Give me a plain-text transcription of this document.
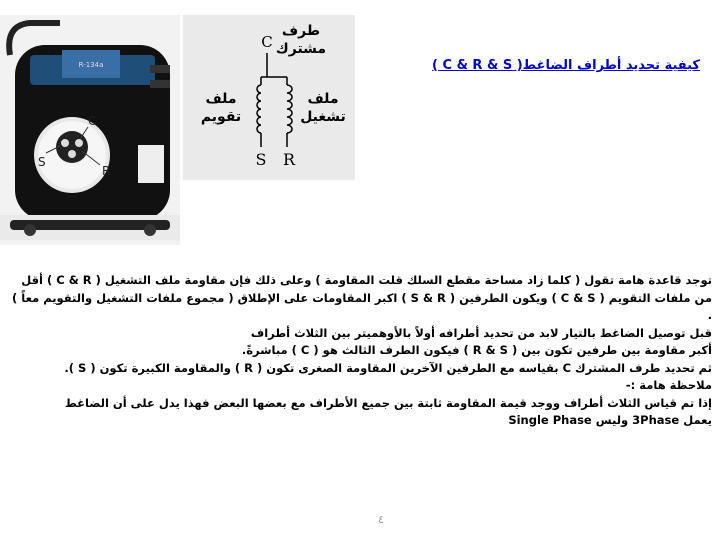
R-134a
C
S
R
طرف
مشترك
C
ملف
تقويم
ملف
تشغيل
S R
كيفية تحديد أطراف الضاغط( C & R & S )
توجد قاعدة هامة تقول ( كلما زاد مساحة مقطع السلك قلت المقاومة ) وعلى ذلك فإن مقاومة ملف التشغيل ( C & R ) أقل
من ملفات التقويم ( C & S ) ويكون الطرفين ( S & R ) اكبر المقاومات على الإطلاق ( مجموع ملفات التشغيل والتقويم معاً )
.
قبل توصيل الضاغط بالتيار لابد من تحديد أطرافه أولاً بالأوهميتر بين الثلاث أطراف
أكبر مقاومة بين طرفين تكون بين ( R & S ) فيكون الطرف الثالث هو ( C ) مباشرةً.
ثم تحديد طرف المشترك C بقياسه مع الطرفين الآخرين المقاومة الصغرى تكون ( R ) والمقاومة الكبيرة تكون ( S ).
ملاحظة هامة :-
إذا تم قياس الثلاث أطراف ووجد قيمة المقاومة ثابتة بين جميع الأطراف مع بعضها البعض فهذا يدل على أن الضاغط
يعمل 3Phase وليس Single Phase
٤
